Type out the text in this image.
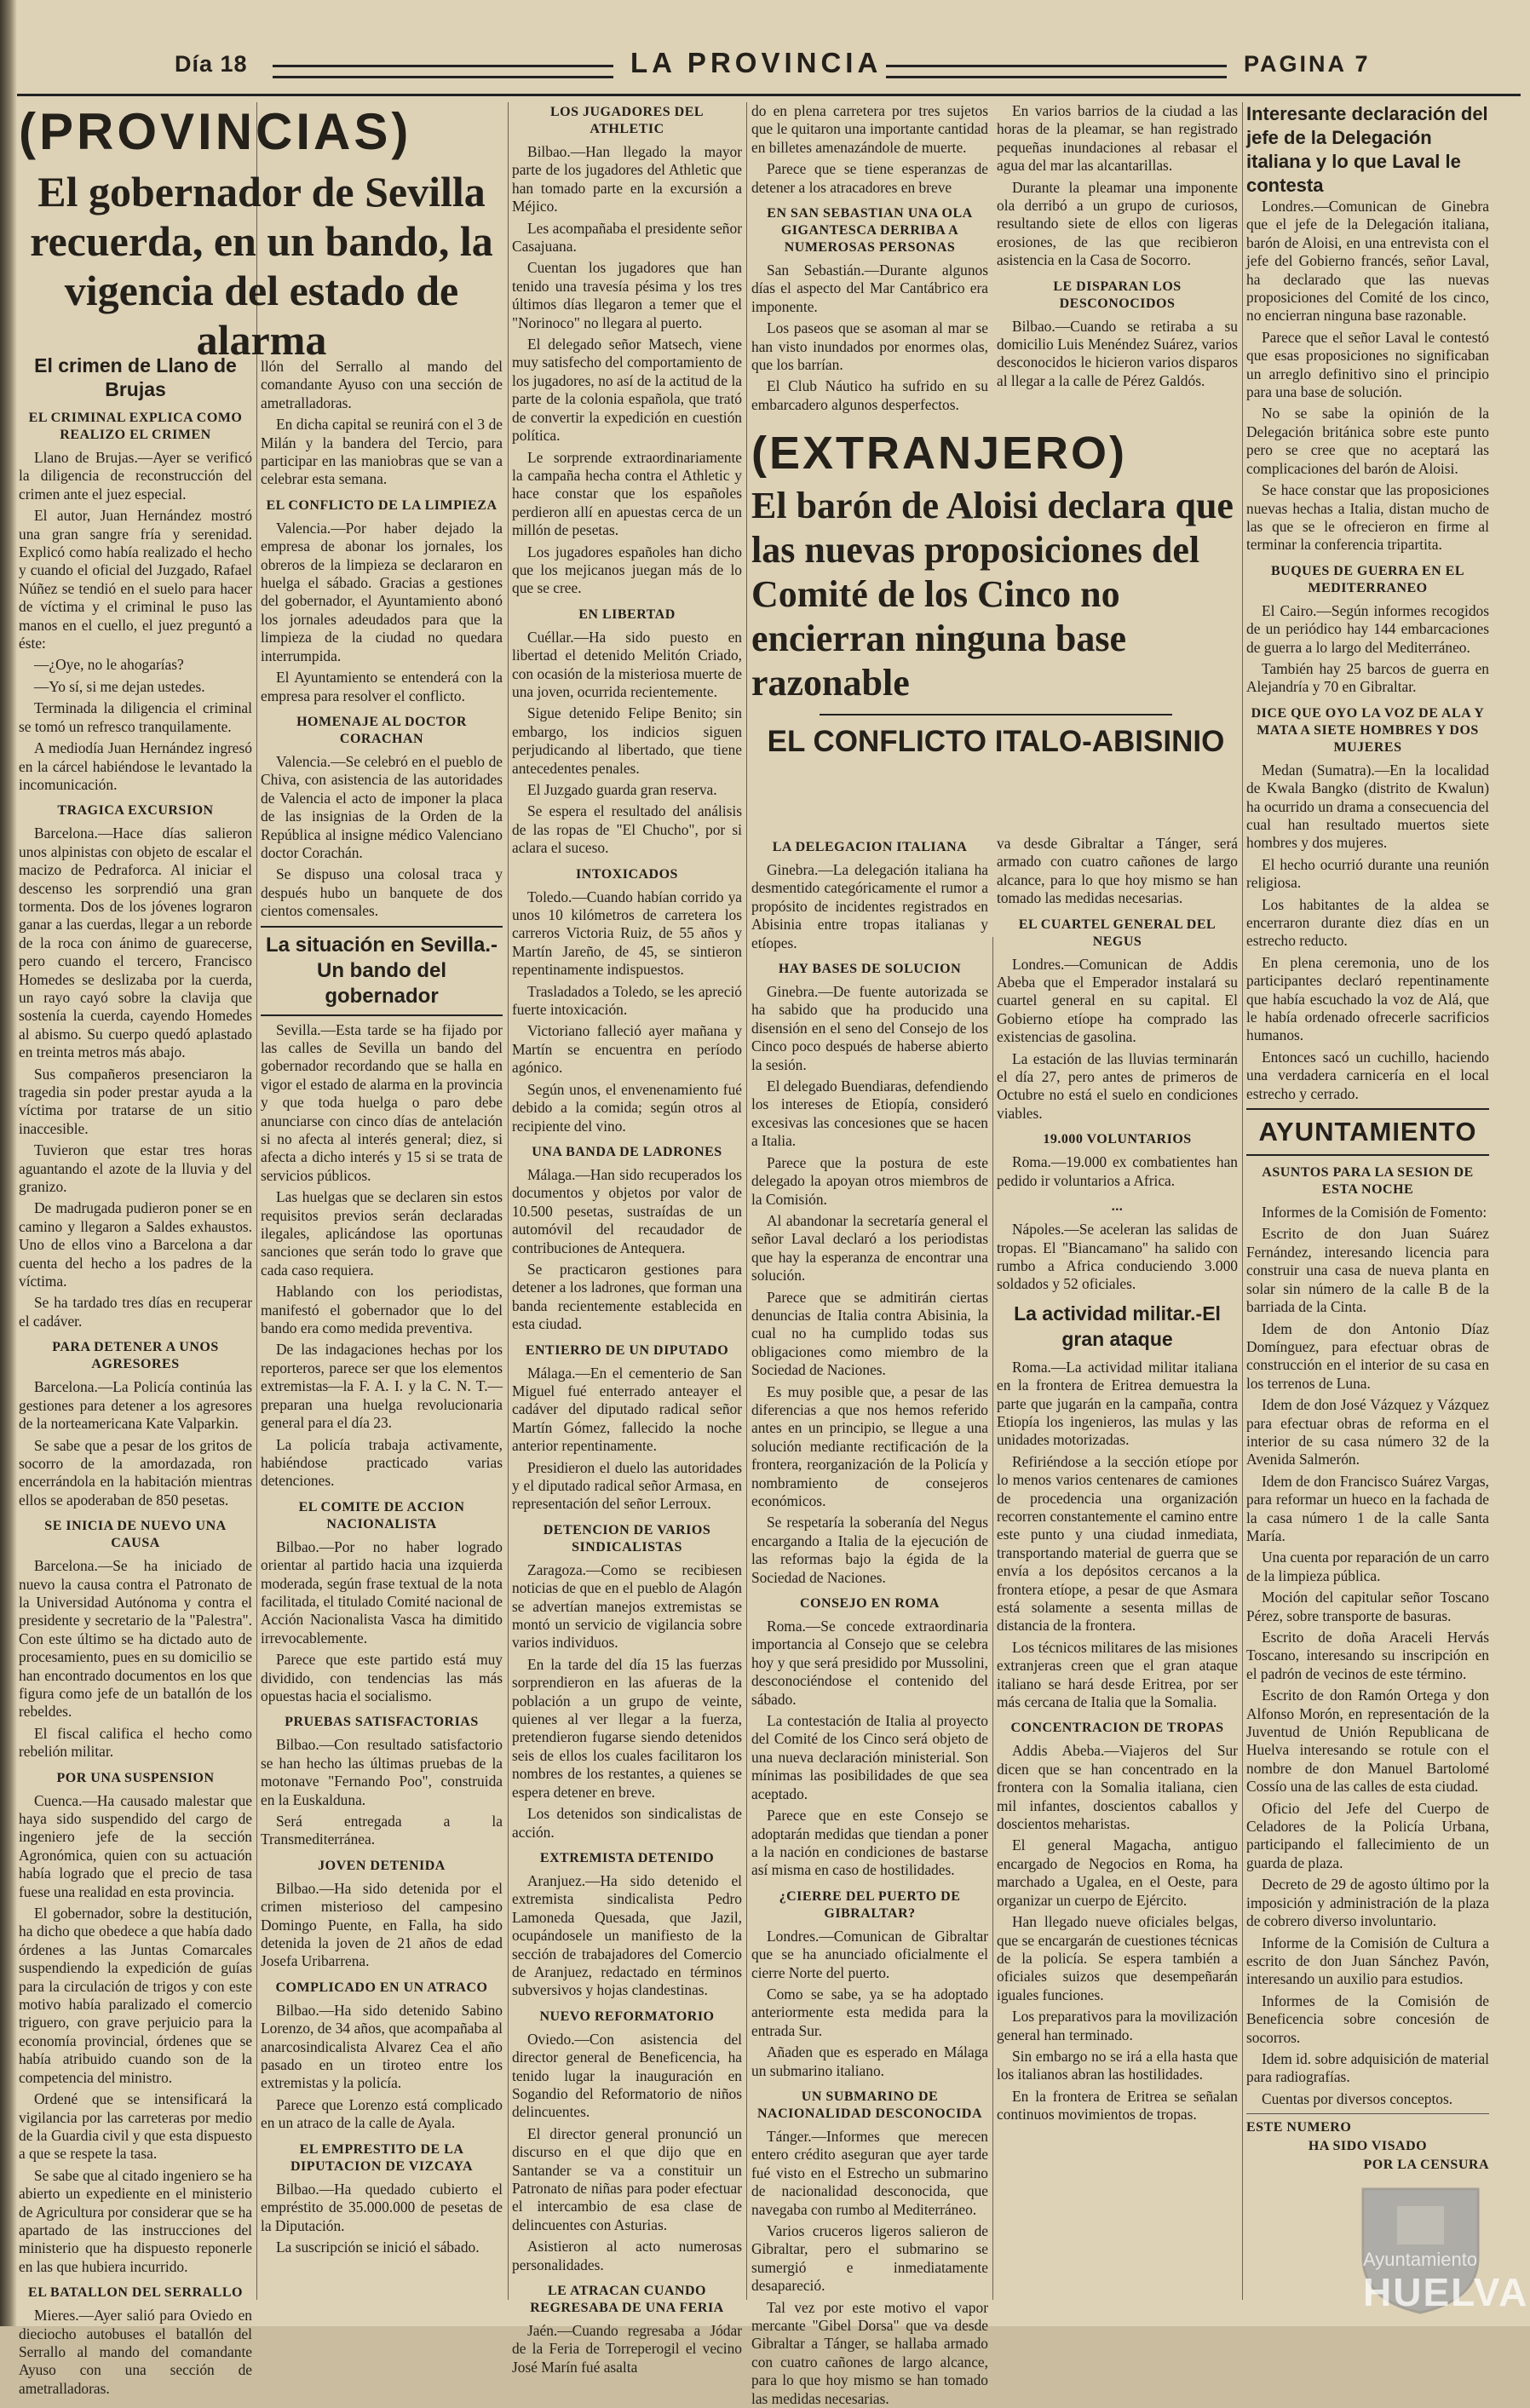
Día 18	LA PROVINCIA	PAGINA 7
(PROVINCIAS)
El gobernador de Sevilla recuerda, en un bando, la vigencia del estado de alarma
El crimen de Llano de Brujas
EL CRIMINAL EXPLICA COMO REALIZO EL CRIMEN

Llano de Brujas.—Ayer se verificó la diligencia de reconstrucción del crimen ante el juez especial.

El autor, Juan Hernández mostró una gran sangre fría y serenidad. Explicó como había realizado el hecho y cuando el oficial del Juzgado, Rafael Núñez se tendió en el suelo para hacer de víctima y el criminal le puso las manos en el cuello, el juez preguntó a éste:

—¿Oye, no le ahogarías?

—Yo sí, si me dejan ustedes.

Terminada la diligencia el criminal se tomó un refresco tranquilamente.

A mediodía Juan Hernández ingresó en la cárcel habiéndose le levantado la incomunicación.

TRAGICA EXCURSION

Barcelona.—Hace días salieron unos alpinistas con objeto de escalar el macizo de Pedraforca. Al iniciar el descenso les sorprendió una gran tormenta. Dos de los jóvenes lograron ganar a las cuerdas, llegar a un reborde de la roca con ánimo de guarecerse, pero cuando el tercero, Francisco Homedes se deslizaba por la cuerda, un rayo cayó sobre la clavija que sostenía la cuerda, cayendo Homedes al abismo. Su cuerpo quedó aplastado en treinta metros más abajo.

Sus compañeros presenciaron la tragedia sin poder prestar ayuda a la víctima por tratarse de un sitio inaccesible.

Tuvieron que estar tres horas aguantando el azote de la lluvia y del granizo.

De madrugada pudieron poner se en camino y llegaron a Saldes exhaustos. Uno de ellos vino a Barcelona a dar cuenta del hecho a los padres de la víctima.

Se ha tardado tres días en recuperar el cadáver.

PARA DETENER A UNOS AGRESORES

Barcelona.—La Policía continúa las gestiones para detener a los agresores de la norteamericana Kate Valparkin.

Se sabe que a pesar de los gritos de socorro de la amordazada, ron encerrándola en la habitación mientras ellos se apoderaban de 850 pesetas.

SE INICIA DE NUEVO UNA CAUSA

Barcelona.—Se ha iniciado de nuevo la causa contra el Patronato de la Universidad Autónoma y contra el presidente y secretario de la "Palestra". Con este último se ha dictado auto de procesamiento, pues en su domicilio se han encontrado documentos en los que figura como jefe de un batallón de los rebeldes.

El fiscal califica el hecho como rebelión militar.

POR UNA SUSPENSION

Cuenca.—Ha causado malestar que haya sido suspendido del cargo de ingeniero jefe de la sección Agronómica, quien con su actuación había logrado que el precio de tasa fuese una realidad en esta provincia.

El gobernador, sobre la destitución, ha dicho que obedece a que había dado órdenes a las Juntas Comarcales suspendiendo la expedición de guías para la circulación de trigos y con este motivo había paralizado el comercio triguero, con grave perjuicio para la economía provincial, órdenes que se había atribuido cuando son de la competencia del ministro.

Ordené que se intensificará la vigilancia por las carreteras por medio de la Guardia civil y que esta dispuesto a que se respete la tasa.

Se sabe que al citado ingeniero se ha abierto un expediente en el ministerio de Agricultura por considerar que se ha apartado de las instrucciones del ministerio que ha dispuesto reponerle en las que hubiera incurrido.

EL BATALLON DEL SERRALLO

Mieres.—Ayer salió para Oviedo en dieciocho autobuses el batallón del Serrallo al mando del comandante Ayuso con una sección de ametralladoras.

llón del Serrallo al mando del comandante Ayuso con una sección de ametralladoras.

En dicha capital se reunirá con el 3 de Milán y la bandera del Tercio, para participar en las maniobras que se van a celebrar esta semana.

EL CONFLICTO DE LA LIMPIEZA

Valencia.—Por haber dejado la empresa de abonar los jornales, los obreros de la limpieza se declararon en huelga el sábado. Gracias a gestiones del gobernador, el Ayuntamiento abonó los jornales adeudados para que la limpieza de la ciudad no quedara interrumpida.

El Ayuntamiento se entenderá con la empresa para resolver el conflicto.

HOMENAJE AL DOCTOR CORACHAN

Valencia.—Se celebró en el pueblo de Chiva, con asistencia de las autoridades de Valencia el acto de imponer la placa de las insignias de la Orden de la República al insigne médico Valenciano doctor Corachán.

Se dispuso una colosal traca y después hubo un banquete de dos cientos comensales.

La situación en Sevilla.-Un bando del gobernador

Sevilla.—Esta tarde se ha fijado por las calles de Sevilla un bando del gobernador recordando que se halla en vigor el estado de alarma en la provincia y que toda huelga o paro debe anunciarse con cinco días de antelación si no afecta al interés general; diez, si afecta a dicho interés y 15 si se trata de servicios públicos.

Las huelgas que se declaren sin estos requisitos previos serán declaradas ilegales, aplicándose las oportunas sanciones que serán todo lo grave que cada caso requiera.

Hablando con los periodistas, manifestó el gobernador que lo del bando era como medida preventiva.

De las indagaciones hechas por los reporteros, parece ser que los elementos extremistas—la F. A. I. y la C. N. T.—preparan una huelga revolucionaria general para el día 23.

La policía trabaja activamente, habiéndose practicado varias detenciones.

EL COMITE DE ACCION NACIONALISTA

Bilbao.—Por no haber logrado orientar al partido hacia una izquierda moderada, según frase textual de la nota facilitada, el titulado Comité nacional de Acción Nacionalista Vasca ha dimitido irrevocablemente.

Parece que este partido está muy dividido, con tendencias las más opuestas hacia el socialismo.

PRUEBAS SATISFACTORIAS

Bilbao.—Con resultado satisfactorio se han hecho las últimas pruebas de la motonave "Fernando Poo", construida en la Euskalduna.

Será entregada a la Transmediterránea.

JOVEN DETENIDA

Bilbao.—Ha sido detenida por el crimen misterioso del campesino Domingo Puente, en Falla, ha sido detenida la joven de 21 años de edad Josefa Uribarrena.

COMPLICADO EN UN ATRACO

Bilbao.—Ha sido detenido Sabino Lorenzo, de 34 años, que acompañaba al anarcosindicalista Alvarez Cea el año pasado en un tiroteo entre los extremistas y la policía.

Parece que Lorenzo está complicado en un atraco de la calle de Ayala.

EL EMPRESTITO DE LA DIPUTACION DE VIZCAYA

Bilbao.—Ha quedado cubierto el empréstito de 35.000.000 de pesetas de la Diputación.

La suscripción se inició el sábado.

LOS JUGADORES DEL ATHLETIC

Bilbao.—Han llegado la mayor parte de los jugadores del Athletic que han tomado parte en la excursión a Méjico.

Les acompañaba el presidente señor Casajuana.

Cuentan los jugadores que han tenido una travesía pésima y los tres últimos días llegaron a temer que el "Norinoco" no llegara al puerto.

El delegado señor Matsech, viene muy satisfecho del comportamiento de los jugadores, no así de la actitud de la parte de la colonia española, que trató de convertir la expedición en cuestión política.

Le sorprende extraordinariamente la campaña hecha contra el Athletic y hace constar que los españoles perdieron allí en apuestas cerca de un millón de pesetas.

Los jugadores españoles han dicho que los mejicanos juegan más de lo que se cree.

EN LIBERTAD

Cuéllar.—Ha sido puesto en libertad el detenido Melitón Criado, con ocasión de la misteriosa muerte de una joven, ocurrida recientemente.

Sigue detenido Felipe Benito; sin embargo, los indicios siguen perjudicando al libertado, que tiene antecedentes penales.

El Juzgado guarda gran reserva.

Se espera el resultado del análisis de las ropas de "El Chucho", por si aclara el suceso.

INTOXICADOS

Toledo.—Cuando habían corrido ya unos 10 kilómetros de carretera los carreros Victoria Ruiz, de 55 años y Martín Jareño, de 45, se sintieron repentinamente indispuestos.

Trasladados a Toledo, se les apreció fuerte intoxicación.

Victoriano falleció ayer mañana y Martín se encuentra en período agónico.

Según unos, el envenenamiento fué debido a la comida; según otros al recipiente del vino.

UNA BANDA DE LADRONES

Málaga.—Han sido recuperados los documentos y objetos por valor de 10.500 pesetas, sustraídas de un automóvil del recaudador de contribuciones de Antequera.

Se practicaron gestiones para detener a los ladrones, que forman una banda recientemente establecida en esta ciudad.

ENTIERRO DE UN DIPUTADO

Málaga.—En el cementerio de San Miguel fué enterrado anteayer el cadáver del diputado radical señor Martín Gómez, fallecido la noche anterior repentinamente.

Presidieron el duelo las autoridades y el diputado radical señor Armasa, en representación del señor Lerroux.

DETENCION DE VARIOS SINDICALISTAS

Zaragoza.—Como se recibiesen noticias de que en el pueblo de Alagón se advertían manejos extremistas se montó un servicio de vigilancia sobre varios individuos.

En la tarde del día 15 las fuerzas sorprendieron en las afueras de la población a un grupo de veinte, quienes al ver llegar a la fuerza, pretendieron fugarse siendo detenidos seis de ellos los cuales facilitaron los nombres de los restantes, a quienes se espera detener en breve.

Los detenidos son sindicalistas de acción.

EXTREMISTA DETENIDO

Aranjuez.—Ha sido detenido el extremista sindicalista Pedro Lamoneda Quesada, que Jazil, ocupándosele un manifiesto de la sección de trabajadores del Comercio de Aranjuez, redactado en términos subversivos y hojas clandestinas.

NUEVO REFORMATORIO

Oviedo.—Con asistencia del director general de Beneficencia, ha tenido lugar la inauguración en Sogandio del Reformatorio de niños delincuentes.

El director general pronunció un discurso en el que dijo que en Santander se va a constituir un Patronato de niñas para poder efectuar el intercambio de esa clase de delincuentes con Asturias.

Asistieron al acto numerosas personalidades.

LE ATRACAN CUANDO REGRESABA DE UNA FERIA

Jaén.—Cuando regresaba a Jódar de la Feria de Torreperogil el vecino José Marín fué asalta

do en plena carretera por tres sujetos que le quitaron una importante cantidad en billetes amenazándole de muerte.

Parece que se tiene esperanzas de detener a los atracadores en breve

EN SAN SEBASTIAN UNA OLA GIGANTESCA DERRIBA A NUMEROSAS PERSONAS

San Sebastián.—Durante algunos días el aspecto del Mar Cantábrico era imponente.

Los paseos que se asoman al mar se han visto inundados por enormes olas, que los barrían.

El Club Náutico ha sufrido en su embarcadero algunos desperfectos.

En varios barrios de la ciudad a las horas de la pleamar, se han registrado pequeñas inundaciones al rebasar el agua del mar las alcantarillas.

Durante la pleamar una imponente ola derribó a un grupo de curiosos, resultando siete de ellos con ligeras erosiones, de las que recibieron asistencia en la Casa de Socorro.

LE DISPARAN LOS DESCONOCIDOS

Bilbao.—Cuando se retiraba a su domicilio Luis Menéndez Suárez, varios desconocidos le hicieron varios disparos al llegar a la calle de Pérez Galdós.

(EXTRANJERO)
El barón de Aloisi declara que las nuevas proposiciones del Comité de los Cinco no encierran ninguna base razonable
EL CONFLICTO ITALO-ABISINIO
LA DELEGACION ITALIANA

Ginebra.—La delegación italiana ha desmentido categóricamente el rumor a propósito de incidentes registrados en Abisinia entre tropas italianas y etíopes.

HAY BASES DE SOLUCION

Ginebra.—De fuente autorizada se ha sabido que ha producido una disensión en el seno del Consejo de los Cinco poco después de haberse abierto la sesión.

El delegado Buendiaras, defendiendo los intereses de Etiopía, consideró excesivas las concesiones que se hacen a Italia.

Parece que la postura de este delegado la apoyan otros miembros de la Comisión.

Al abandonar la secretaría general el señor Laval declaró a los periodistas que hay la esperanza de encontrar una solución.

Parece que se admitirán ciertas denuncias de Italia contra Abisinia, la cual no ha cumplido todas sus obligaciones como miembro de la Sociedad de Naciones.

Es muy posible que, a pesar de las diferencias a que nos hemos referido antes en un principio, se llegue a una solución mediante rectificación de la frontera, reorganización de la Policía y nombramiento de consejeros económicos.

Se respetaría la soberanía del Negus encargando a Italia de la ejecución de las reformas bajo la égida de la Sociedad de Naciones.

CONSEJO EN ROMA

Roma.—Se concede extraordinaria importancia al Consejo que se celebra hoy y que será presidido por Mussolini, desconociéndose el contenido del sábado.

La contestación de Italia al proyecto del Comité de los Cinco será objeto de una nueva declaración ministerial. Son mínimas las posibilidades de que sea aceptado.

Parece que en este Consejo se adoptarán medidas que tiendan a poner a la nación en condiciones de bastarse así misma en caso de hostilidades.

¿CIERRE DEL PUERTO DE GIBRALTAR?

Londres.—Comunican de Gibraltar que se ha anunciado oficialmente el cierre Norte del puerto.

Como se sabe, ya se ha adoptado anteriormente esta medida para la entrada Sur.

Añaden que es esperado en Málaga un submarino italiano.

UN SUBMARINO DE NACIONALIDAD DESCONOCIDA

Tánger.—Informes que merecen entero crédito aseguran que ayer tarde fué visto en el Estrecho un submarino de nacionalidad desconocida, que navegaba con rumbo al Mediterráneo.

Varios cruceros ligeros salieron de Gibraltar, pero el submarino se sumergió e inmediatamente desapareció.

Tal vez por este motivo el vapor mercante "Gibel Dorsa" que va desde Gibraltar a Tánger, se hallaba armado con cuatro cañones de largo alcance, para lo que hoy mismo se han tomado las medidas necesarias.

va desde Gibraltar a Tánger, será armado con cuatro cañones de largo alcance, para lo que hoy mismo se han tomado las medidas necesarias.

EL CUARTEL GENERAL DEL NEGUS

Londres.—Comunican de Addis Abeba que el Emperador instalará su cuartel general en su capital. El Gobierno etíope ha comprado las existencias de gasolina.

La estación de las lluvias terminarán el día 27, pero antes de primeros de Octubre no está el suelo en condiciones viables.

19.000 VOLUNTARIOS

Roma.—19.000 ex combatientes han pedido ir voluntarios a Africa.

...

Nápoles.—Se aceleran las salidas de tropas. El "Biancamano" ha salido con rumbo a Africa conduciendo 3.000 soldados y 52 oficiales.

La actividad militar.-El gran ataque

Roma.—La actividad militar italiana en la frontera de Eritrea demuestra la parte que jugarán en la campaña, contra Etiopía los ingenieros, las mulas y las unidades motorizadas.

Refiriéndose a la sección etíope por lo menos varios centenares de camiones de procedencia una organización recorren constantemente el camino entre este punto y una ciudad inmediata, transportando material de guerra que se envía a los depósitos cercanos a la frontera etíope, a pesar de que Asmara está solamente a sesenta millas de distancia de la frontera.

Los técnicos militares de las misiones extranjeras creen que el gran ataque italiano se hará desde Eritrea, por ser más cercana de Italia que la Somalia.

CONCENTRACION DE TROPAS

Addis Abeba.—Viajeros del Sur dicen que se han concentrado en la frontera con la Somalia italiana, cien mil infantes, doscientos caballos y doscientos meharistas.

El general Magacha, antiguo encargado de Negocios en Roma, ha marchado a Ugalea, en el Oeste, para organizar un cuerpo de Ejército.

Han llegado nueve oficiales belgas, que se encargarán de cuestiones técnicas de la policía. Se espera también a oficiales suizos que desempeñarán iguales funciones.

Los preparativos para la movilización general han terminado.

Sin embargo no se irá a ella hasta que los italianos abran las hostilidades.

En la frontera de Eritrea se señalan continuos movimientos de tropas.

Interesante declaración del jefe de la Delegación italiana y lo que Laval le contesta

Londres.—Comunican de Ginebra que el jefe de la Delegación italiana, barón de Aloisi, en una entrevista con el jefe del Gobierno francés, señor Laval, ha declarado que las nuevas proposiciones del Comité de los cinco, no encierran ninguna base razonable.

Parece que el señor Laval le contestó que esas proposiciones no significaban un arreglo definitivo sino el principio para una base de solución.

No se sabe la opinión de la Delegación británica sobre este punto pero se cree que no aceptará las complicaciones del barón de Aloisi.

Se hace constar que las proposiciones nuevas hechas a Italia, distan mucho de las que se le ofrecieron en firme al terminar la conferencia tripartita.

BUQUES DE GUERRA EN EL MEDITERRANEO

El Cairo.—Según informes recogidos de un periódico hay 144 embarcaciones de guerra a lo largo del Mediterráneo.

También hay 25 barcos de guerra en Alejandría y 70 en Gibraltar.

DICE QUE OYO LA VOZ DE ALA Y MATA A SIETE HOMBRES Y DOS MUJERES

Medan (Sumatra).—En la localidad de Kwala Bangko (distrito de Kwalun) ha ocurrido un drama a consecuencia del cual han resultado muertos siete hombres y dos mujeres.

El hecho ocurrió durante una reunión religiosa.

Los habitantes de la aldea se encerraron durante diez días en un estrecho reducto.

En plena ceremonia, uno de los participantes declaró repentinamente que había escuchado la voz de Alá, que le había ordenado ofrecerle sacrificios humanos.

Entonces sacó un cuchillo, haciendo una verdadera carnicería en el local estrecho y cerrado.

AYUNTAMIENTO
ASUNTOS PARA LA SESION DE ESTA NOCHE

Informes de la Comisión de Fomento:

Escrito de don Juan Suárez Fernández, interesando licencia para construir una casa de nueva planta en solar sin número de la calle B de la barriada de la Cinta.

Idem de don Antonio Díaz Domínguez, para efectuar obras de construcción en el interior de su casa en los terrenos de Luna.

Idem de don José Vázquez y Vázquez para efectuar obras de reforma en el interior de su casa número 32 de la Avenida Salmerón.

Idem de don Francisco Suárez Vargas, para reformar un hueco en la fachada de la casa número 1 de la calle Santa María.

Una cuenta por reparación de un carro de la limpieza pública.

Moción del capitular señor Toscano Pérez, sobre transporte de basuras.

Escrito de doña Araceli Hervás Toscano, interesando su inscripción en el padrón de vecinos de este término.

Escrito de don Ramón Ortega y don Alfonso Morón, en representación de la Juventud de Unión Republicana de Huelva interesando se rotule con el nombre de don Manuel Bartolomé Cossío una de las calles de esta ciudad.

Oficio del Jefe del Cuerpo de Celadores de la Policía Urbana, participando el fallecimiento de un guarda de plaza.

Decreto de 29 de agosto último por la imposición y administración de la plaza de cobrero diverso involuntario.

Informe de la Comisión de Cultura a escrito de don Juan Sánchez Pavón, interesando un auxilio para estudios.

Informes de la Comisión de Beneficencia sobre concesión de socorros.

Idem id. sobre adquisición de material para radiografías.

Cuentas por diversos conceptos.

ESTE NUMERO
HA SIDO VISADO
POR LA CENSURA
Ayuntamiento
HUELVA
